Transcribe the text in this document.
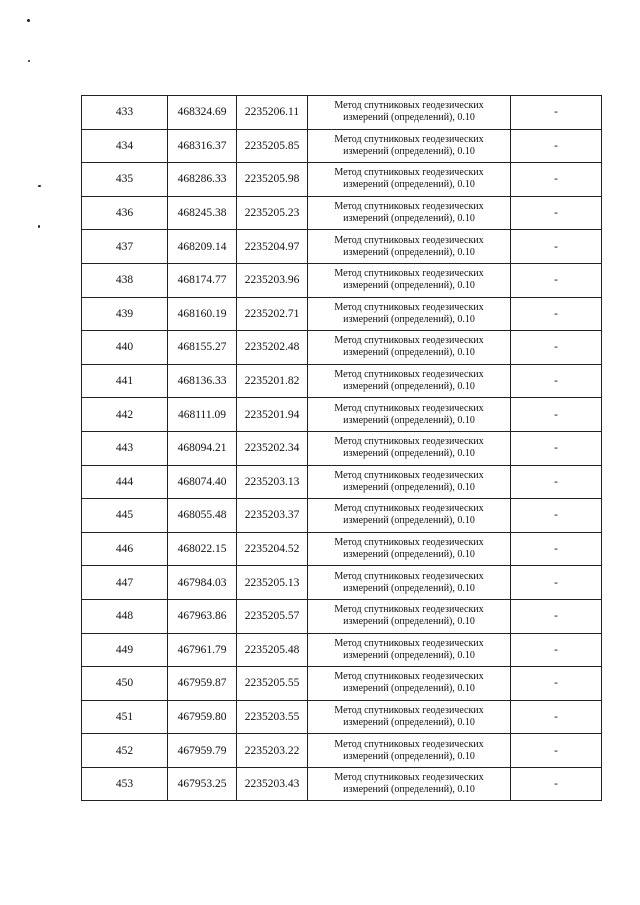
433	468324.69	2235206.11	Метод спутниковых геодезических
измерений (определений), 0.10	-
434	468316.37	2235205.85	Метод спутниковых геодезических
измерений (определений), 0.10	-
435	468286.33	2235205.98	Метод спутниковых геодезических
измерений (определений), 0.10	-
436	468245.38	2235205.23	Метод спутниковых геодезических
измерений (определений), 0.10	-
437	468209.14	2235204.97	Метод спутниковых геодезических
измерений (определений), 0.10	-
438	468174.77	2235203.96	Метод спутниковых геодезических
измерений (определений), 0.10	-
439	468160.19	2235202.71	Метод спутниковых геодезических
измерений (определений), 0.10	-
440	468155.27	2235202.48	Метод спутниковых геодезических
измерений (определений), 0.10	-
441	468136.33	2235201.82	Метод спутниковых геодезических
измерений (определений), 0.10	-
442	468111.09	2235201.94	Метод спутниковых геодезических
измерений (определений), 0.10	-
443	468094.21	2235202.34	Метод спутниковых геодезических
измерений (определений), 0.10	-
444	468074.40	2235203.13	Метод спутниковых геодезических
измерений (определений), 0.10	-
445	468055.48	2235203.37	Метод спутниковых геодезических
измерений (определений), 0.10	-
446	468022.15	2235204.52	Метод спутниковых геодезических
измерений (определений), 0.10	-
447	467984.03	2235205.13	Метод спутниковых геодезических
измерений (определений), 0.10	-
448	467963.86	2235205.57	Метод спутниковых геодезических
измерений (определений), 0.10	-
449	467961.79	2235205.48	Метод спутниковых геодезических
измерений (определений), 0.10	-
450	467959.87	2235205.55	Метод спутниковых геодезических
измерений (определений), 0.10	-
451	467959.80	2235203.55	Метод спутниковых геодезических
измерений (определений), 0.10	-
452	467959.79	2235203.22	Метод спутниковых геодезических
измерений (определений), 0.10	-
453	467953.25	2235203.43	Метод спутниковых геодезических
измерений (определений), 0.10	-
